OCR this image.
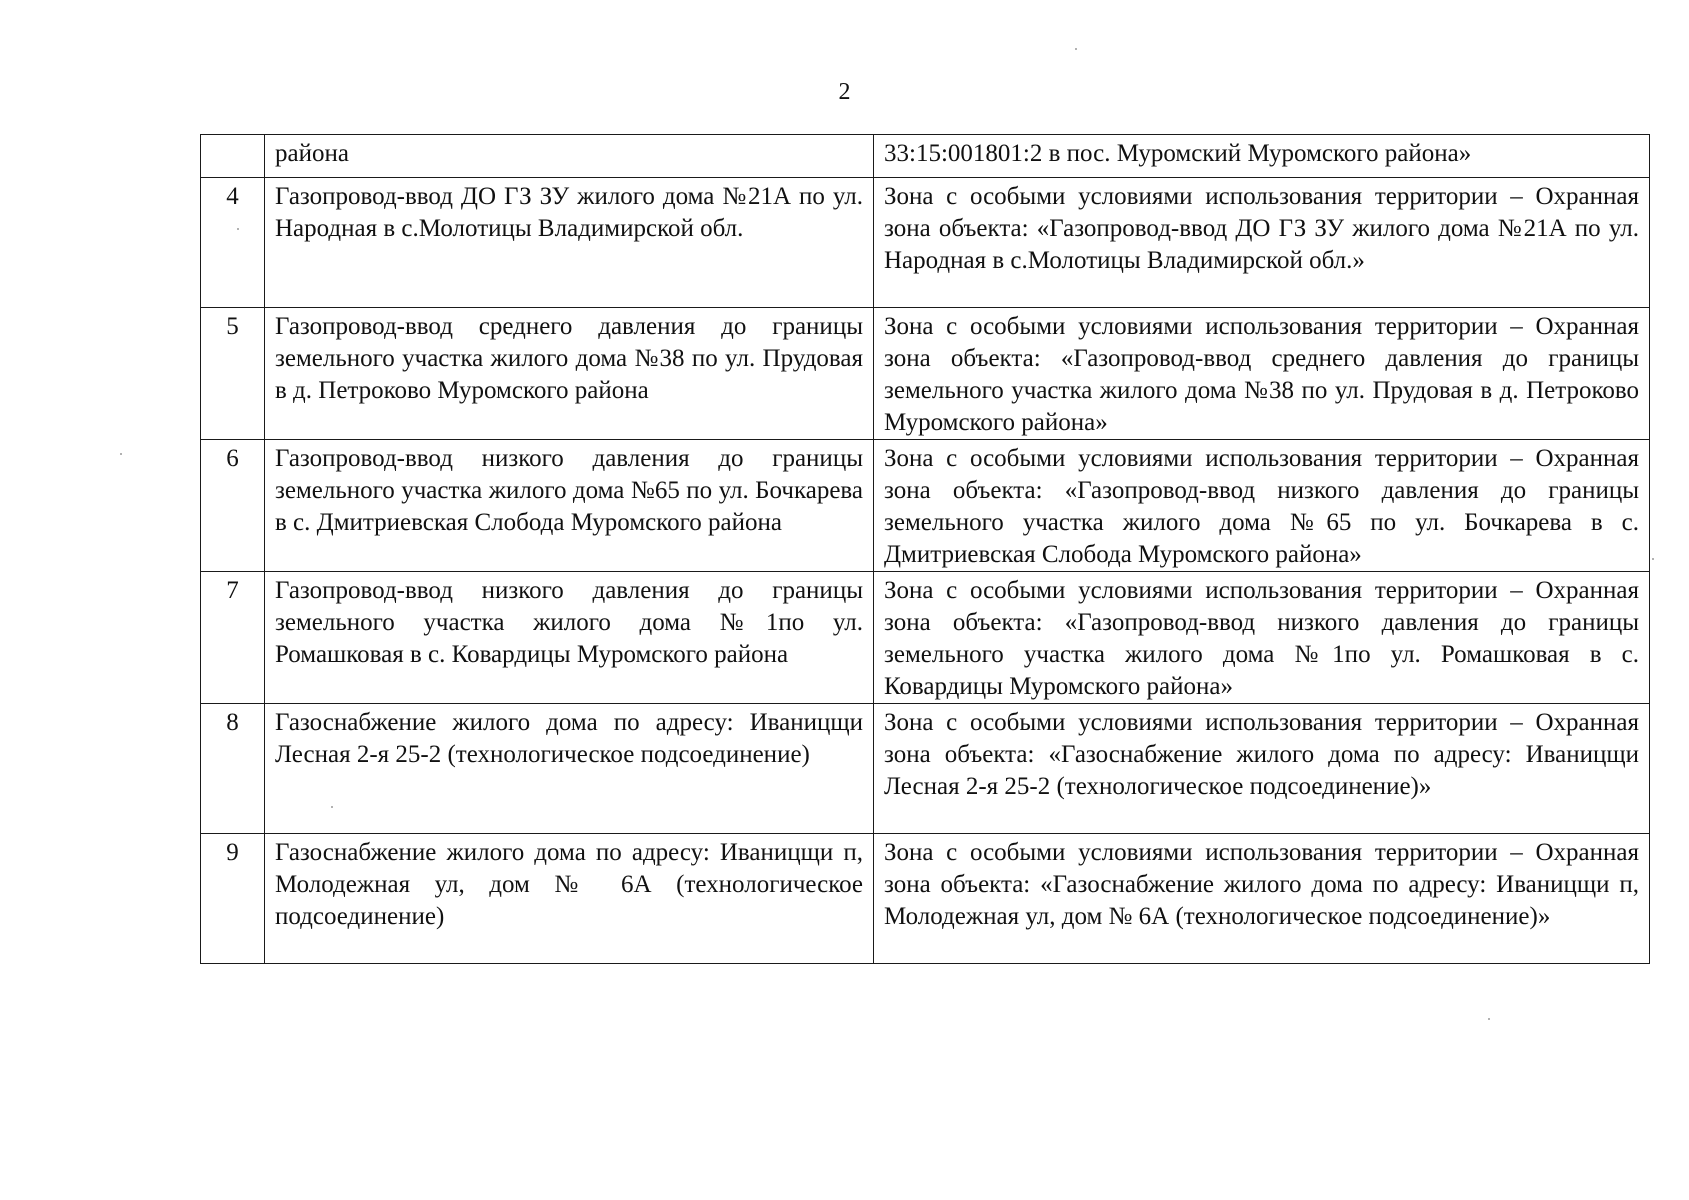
2
	района	33:15:001801:2 в пос. Муромский Муромского района»
4	Газопровод-ввод ДО ГЗ ЗУ жилого дома №21А по ул. Народная в с.Молотицы Владимирской обл.	Зона с особыми условиями использования территории – Охранная зона объекта: «Газопровод-ввод ДО ГЗ ЗУ жилого дома №21А по ул. Народная в с.Молотицы Владимирской обл.»
5	Газопровод-ввод среднего давления до границы земельного участка жилого дома №38 по ул. Прудовая в д. Петроково Муромского района	Зона с особыми условиями использования территории – Охранная зона объекта: «Газопровод-ввод среднего давления до границы земельного участка жилого дома №38 по ул. Прудовая в д. Петроково Муромского района»
6	Газопровод-ввод низкого давления до границы земельного участка жилого дома №65 по ул. Бочкарева в с. Дмитриевская Слобода Муромского района	Зона с особыми условиями использования территории – Охранная зона объекта: «Газопровод-ввод низкого давления до границы земельного участка жилого дома №65 по ул. Бочкарева в с. Дмитриевская Слобода Муромского района»
7	Газопровод-ввод низкого давления до границы земельного участка жилого дома №1по ул. Ромашковая в с. Ковардицы Муромского района	Зона с особыми условиями использования территории – Охранная зона объекта: «Газопровод-ввод низкого давления до границы земельного участка жилого дома №1по ул. Ромашковая в с. Ковардицы Муромского района»
8	Газоснабжение жилого дома по адресу: Иваницщи Лесная 2-я 25-2 (технологическое подсоединение)	Зона с особыми условиями использования территории – Охранная зона объекта: «Газоснабжение жилого дома по адресу: Иваницщи Лесная 2-я 25-2 (технологическое подсоединение)»
9	Газоснабжение жилого дома по адресу: Иваницщи п, Молодежная ул, дом № 6А (технологическое подсоединение)	Зона с особыми условиями использования территории – Охранная зона объекта: «Газоснабжение жилого дома по адресу: Иваницщи п, Молодежная ул, дом № 6А (технологическое подсоединение)»
